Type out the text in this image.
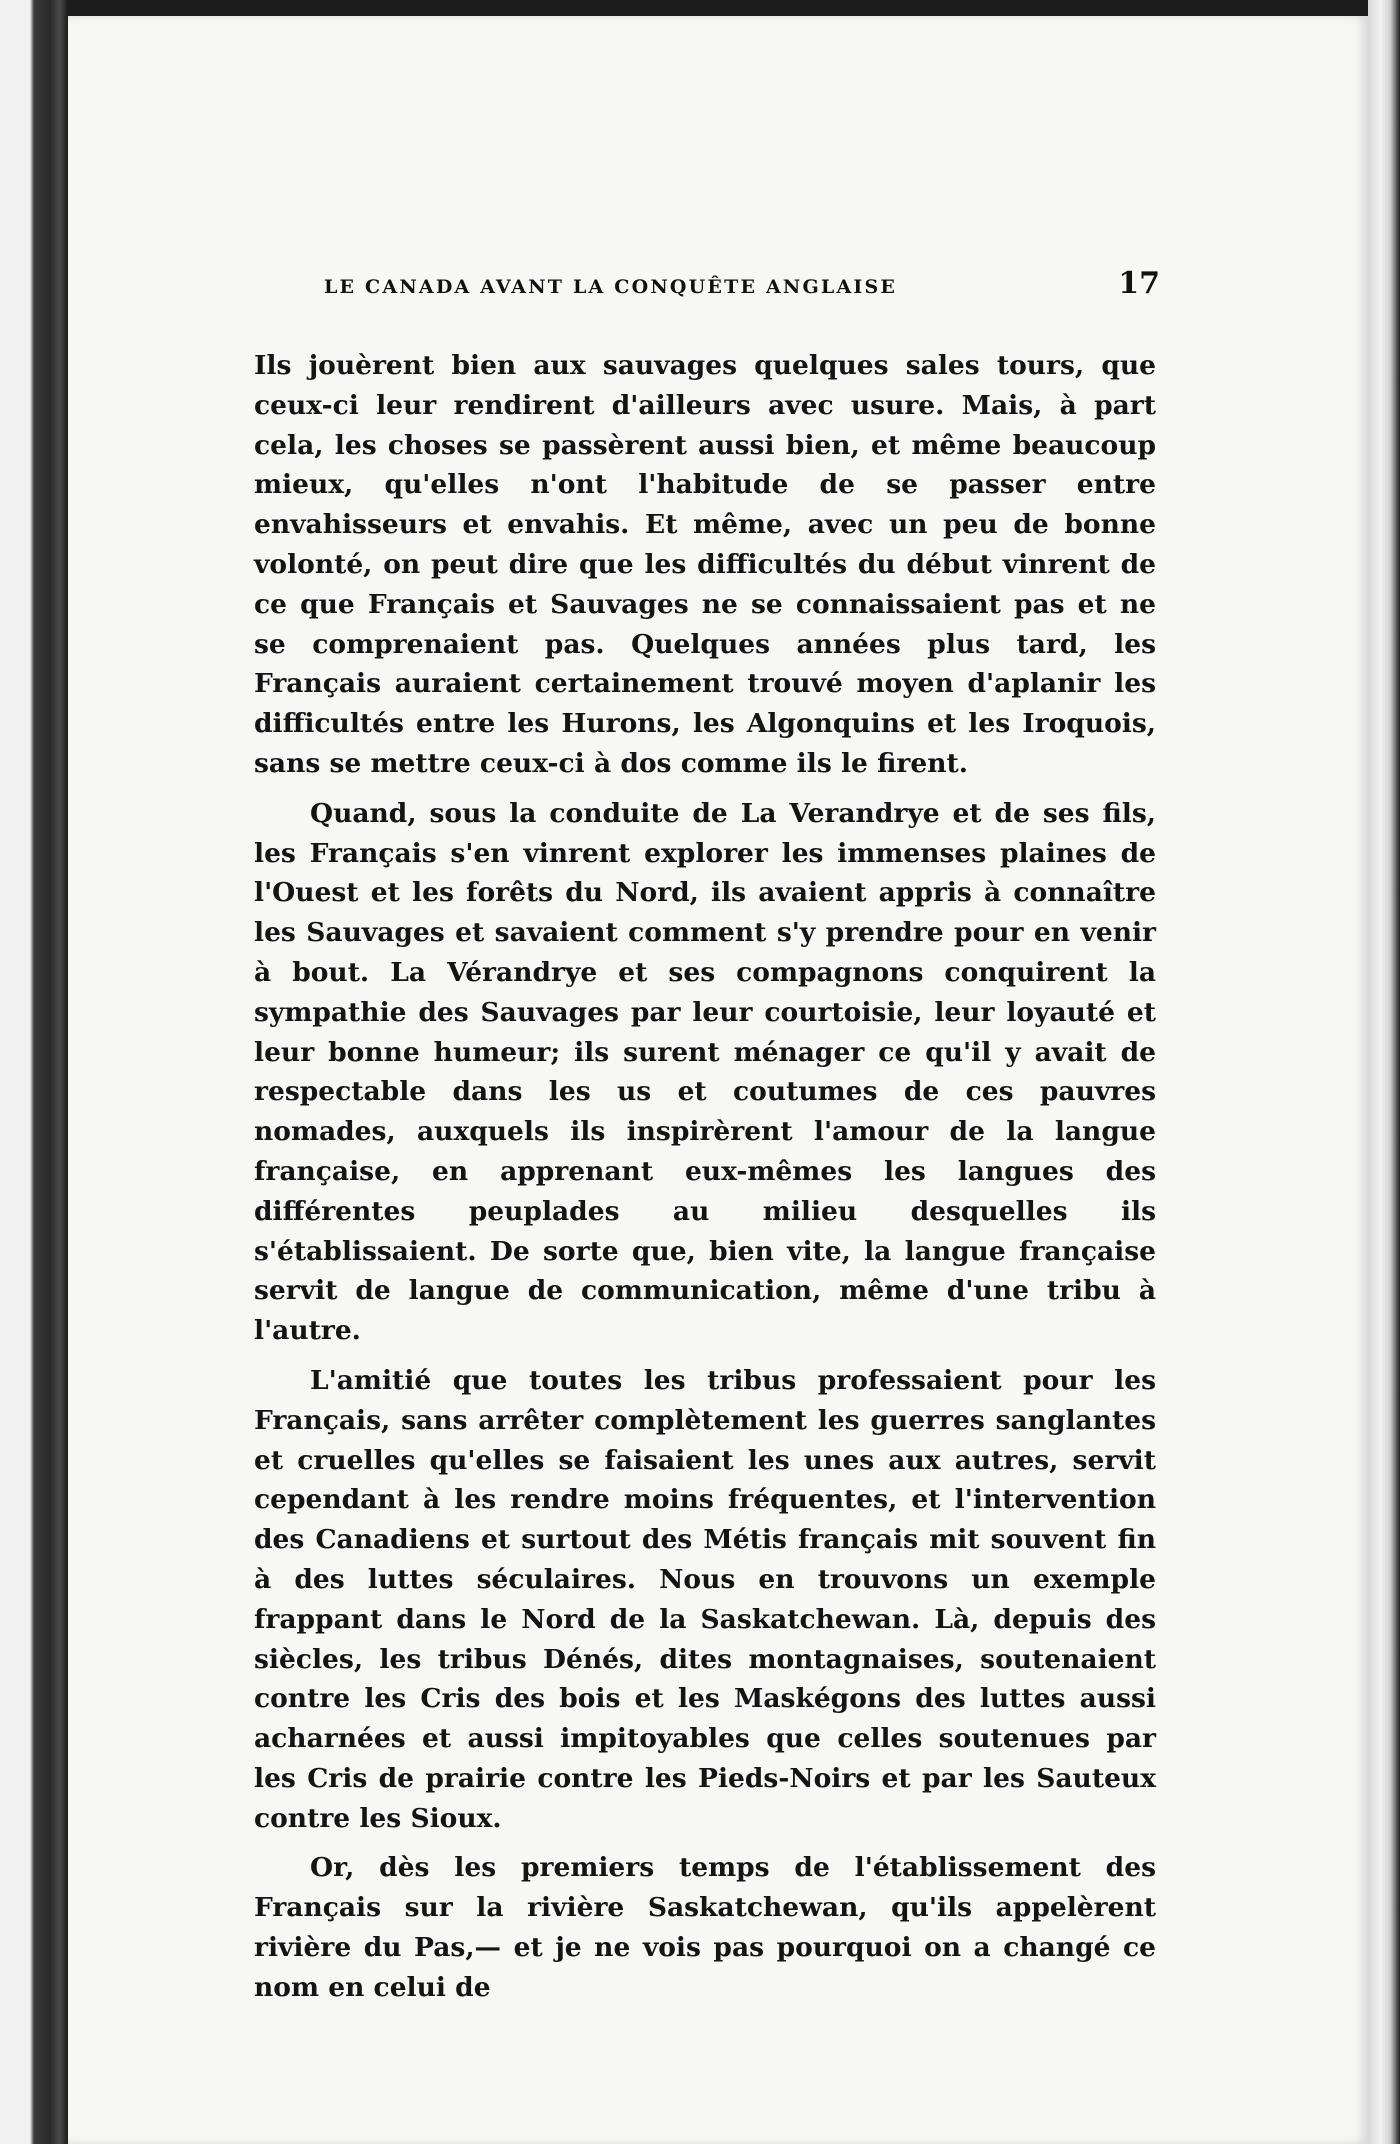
LE CANADA AVANT LA CONQUÊTE ANGLAISE	17

Ils jouèrent bien aux sauvages quelques sales tours, que ceux-ci leur rendirent d'ailleurs avec usure. Mais, à part cela, les choses se passèrent aussi bien, et même beaucoup mieux, qu'elles n'ont l'habitude de se passer entre envahisseurs et envahis. Et même, avec un peu de bonne volonté, on peut dire que les difficultés du début vinrent de ce que Français et Sauvages ne se connaissaient pas et ne se comprenaient pas. Quelques années plus tard, les Français auraient certainement trouvé moyen d'aplanir les difficultés entre les Hurons, les Algonquins et les Iroquois, sans se mettre ceux-ci à dos comme ils le firent.

Quand, sous la conduite de La Verandrye et de ses fils, les Français s'en vinrent explorer les immenses plaines de l'Ouest et les forêts du Nord, ils avaient appris à connaître les Sauvages et savaient comment s'y prendre pour en venir à bout. La Vérandrye et ses compagnons conquirent la sympathie des Sauvages par leur courtoisie, leur loyauté et leur bonne humeur; ils surent ménager ce qu'il y avait de respectable dans les us et coutumes de ces pauvres nomades, auxquels ils inspirèrent l'amour de la langue française, en apprenant eux-mêmes les langues des différentes peuplades au milieu desquelles ils s'établissaient. De sorte que, bien vite, la langue française servit de langue de communication, même d'une tribu à l'autre.

L'amitié que toutes les tribus professaient pour les Français, sans arrêter complètement les guerres sanglantes et cruelles qu'elles se faisaient les unes aux autres, servit cependant à les rendre moins fréquentes, et l'intervention des Canadiens et surtout des Métis français mit souvent fin à des luttes séculaires. Nous en trouvons un exemple frappant dans le Nord de la Saskatchewan. Là, depuis des siècles, les tribus Dénés, dites montagnaises, soutenaient contre les Cris des bois et les Maskégons des luttes aussi acharnées et aussi impitoyables que celles soutenues par les Cris de prairie contre les Pieds-Noirs et par les Sauteux contre les Sioux.

Or, dès les premiers temps de l'établissement des Français sur la rivière Saskatchewan, qu'ils appelèrent rivière du Pas,— et je ne vois pas pourquoi on a changé ce nom en celui de
